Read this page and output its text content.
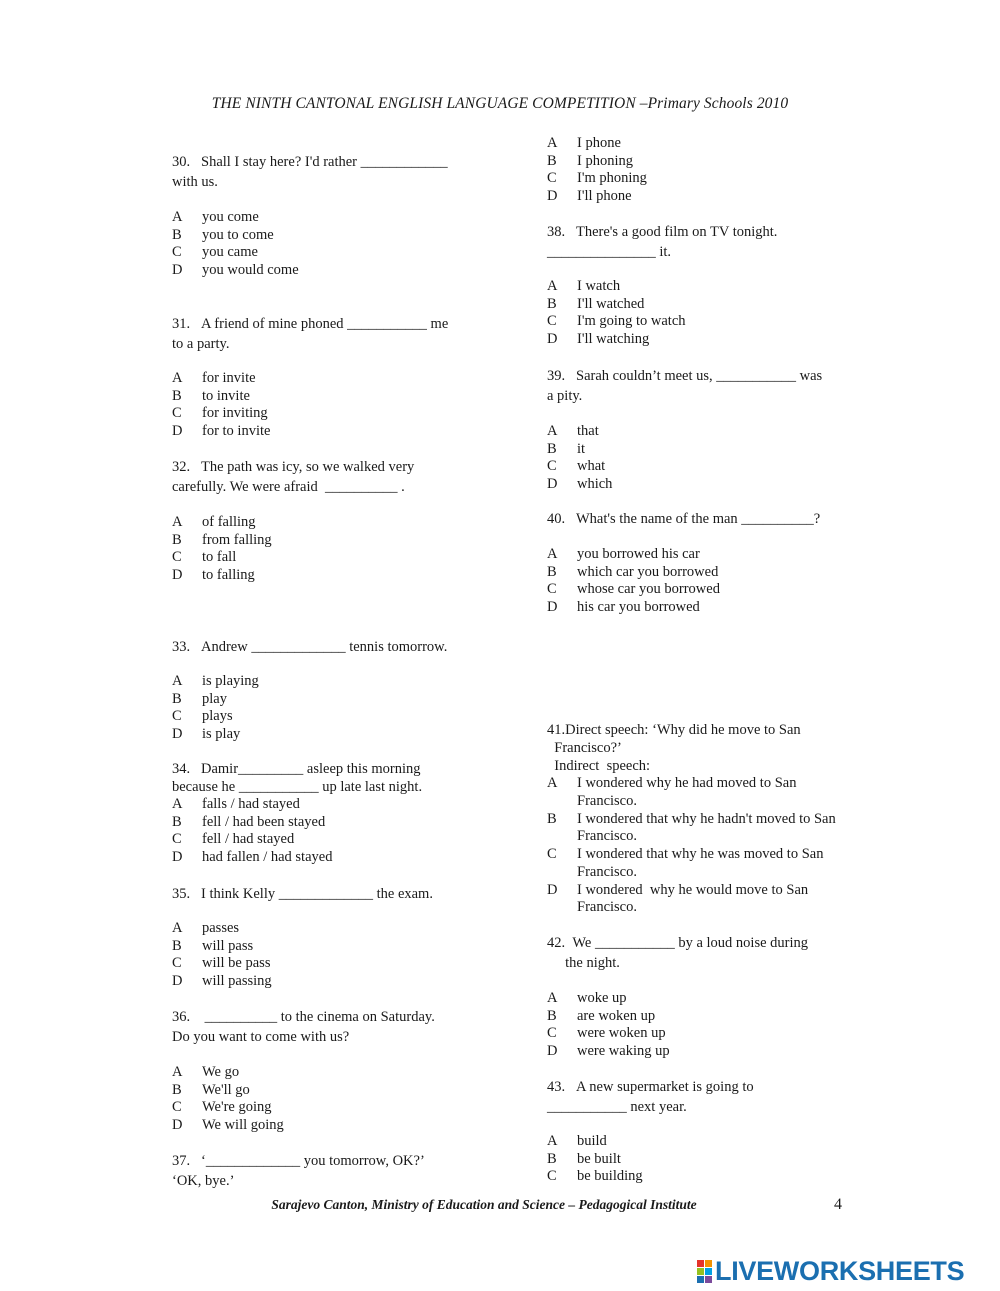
THE NINTH CANTONAL ENGLISH LANGUAGE COMPETITION –Primary Schools 2010
30.   Shall I stay here? I'd rather ____________
with us.
A you come
B you to come
C you came
D you would come
31.   A friend of mine phoned ___________ me
to a party.
A for invite
B to invite
C for inviting
D for to invite
32.   The path was icy, so we walked very
carefully. We were afraid  __________ .
A of falling
B from falling
C to fall
D to falling
33.   Andrew _____________ tennis tomorrow.
A is playing
B play
C plays
D is play
34.   Damir_________ asleep this morning
because he ___________ up late last night.
A falls / had stayed
B fell / had been stayed
C fell / had stayed
D had fallen / had stayed
35.   I think Kelly _____________ the exam.
A passes
B will pass
C will be pass
D will passing
36.    __________ to the cinema on Saturday.
Do you want to come with us?
A We go
B We'll go
C We're going
D We will going
37.   ‘_____________ you tomorrow, OK?’
‘OK, bye.’
A I phone
B I phoning
C I'm phoning
D I'll phone
38.   There's a good film on TV tonight.
_______________ it.
A I watch
B I'll watched
C I'm going to watch
D I'll watching
39.   Sarah couldn’t meet us, ___________ was
a pity.
A that
B it
C what
D which
40.   What's the name of the man __________?
A you borrowed his car
B which car you borrowed
C whose car you borrowed
D his car you borrowed
41.Direct speech: ‘Why did he move to San
Francisco?’
Indirect  speech:
A I wondered why he had moved to San Francisco.
B I wondered that why he hadn't moved to San Francisco.
C I wondered that why he was moved to San Francisco.
D I wondered  why he would move to San Francisco.
42.  We ___________ by a loud noise during
the night.
A woke up
B are woken up
C were woken up
D were waking up
43.   A new supermarket is going to
___________ next year.
A build
B be built
C be building
Sarajevo Canton, Ministry of Education and Science – Pedagogical Institute	4
LIVEWORKSHEETS
